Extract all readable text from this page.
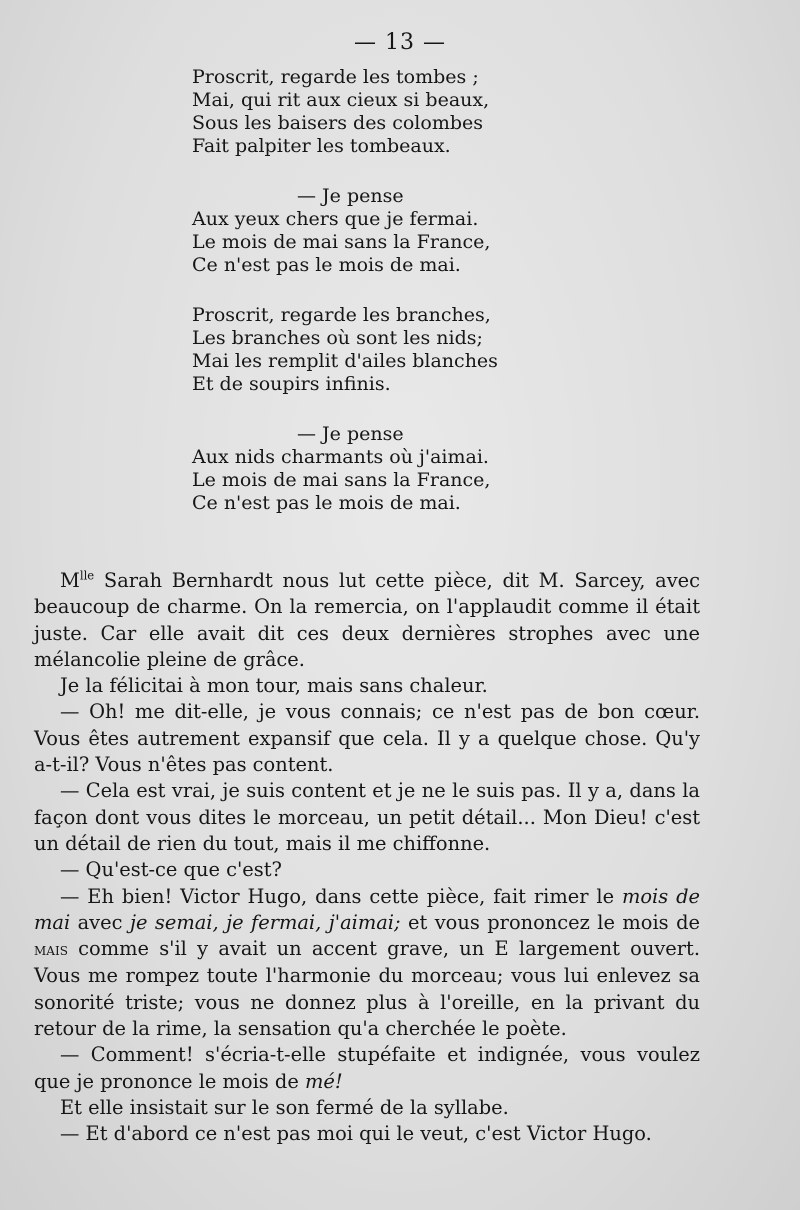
— 13 —

Proscrit, regarde les tombes ;

Mai, qui rit aux cieux si beaux,

Sous les baisers des colombes

Fait palpiter les tombeaux.

— Je pense

Aux yeux chers que je fermai.

Le mois de mai sans la France,

Ce n'est pas le mois de mai.

Proscrit, regarde les branches,

Les branches où sont les nids;

Mai les remplit d'ailes blanches

Et de soupirs infinis.

— Je pense

Aux nids charmants où j'aimai.

Le mois de mai sans la France,

Ce n'est pas le mois de mai.

$M^{lle}$ Sarah Bernhardt nous lut cette pièce, dit M. Sarcey, avec beaucoup de charme. On la remercia, on l'applaudit comme il était juste. Car elle avait dit ces deux dernières strophes avec une mélancolie pleine de grâce.

Je la félicitai à mon tour, mais sans chaleur.

— Oh! me dit-elle, je vous connais; ce n'est pas de bon cœur. Vous êtes autrement expansif que cela. Il y a quelque chose. Qu'y a-t-il? Vous n'êtes pas content.

— Cela est vrai, je suis content et je ne le suis pas. Il y a, dans la façon dont vous dites le morceau, un petit détail... Mon Dieu! c'est un détail de rien du tout, mais il me chiffonne.

— Qu'est-ce que c'est?

— Eh bien! Victor Hugo, dans cette pièce, fait rimer le mois de mai avec je semai, je fermai, j'aimai; et vous prononcez le mois de mais comme s'il y avait un accent grave, un E largement ouvert. Vous me rompez toute l'harmonie du morceau; vous lui enlevez sa sonorité triste; vous ne donnez plus à l'oreille, en la privant du retour de la rime, la sensation qu'a cherchée le poète.

— Comment! s'écria-t-elle stupéfaite et indignée, vous voulez que je prononce le mois de mé!

Et elle insistait sur le son fermé de la syllabe.

— Et d'abord ce n'est pas moi qui le veut, c'est Victor Hugo.
